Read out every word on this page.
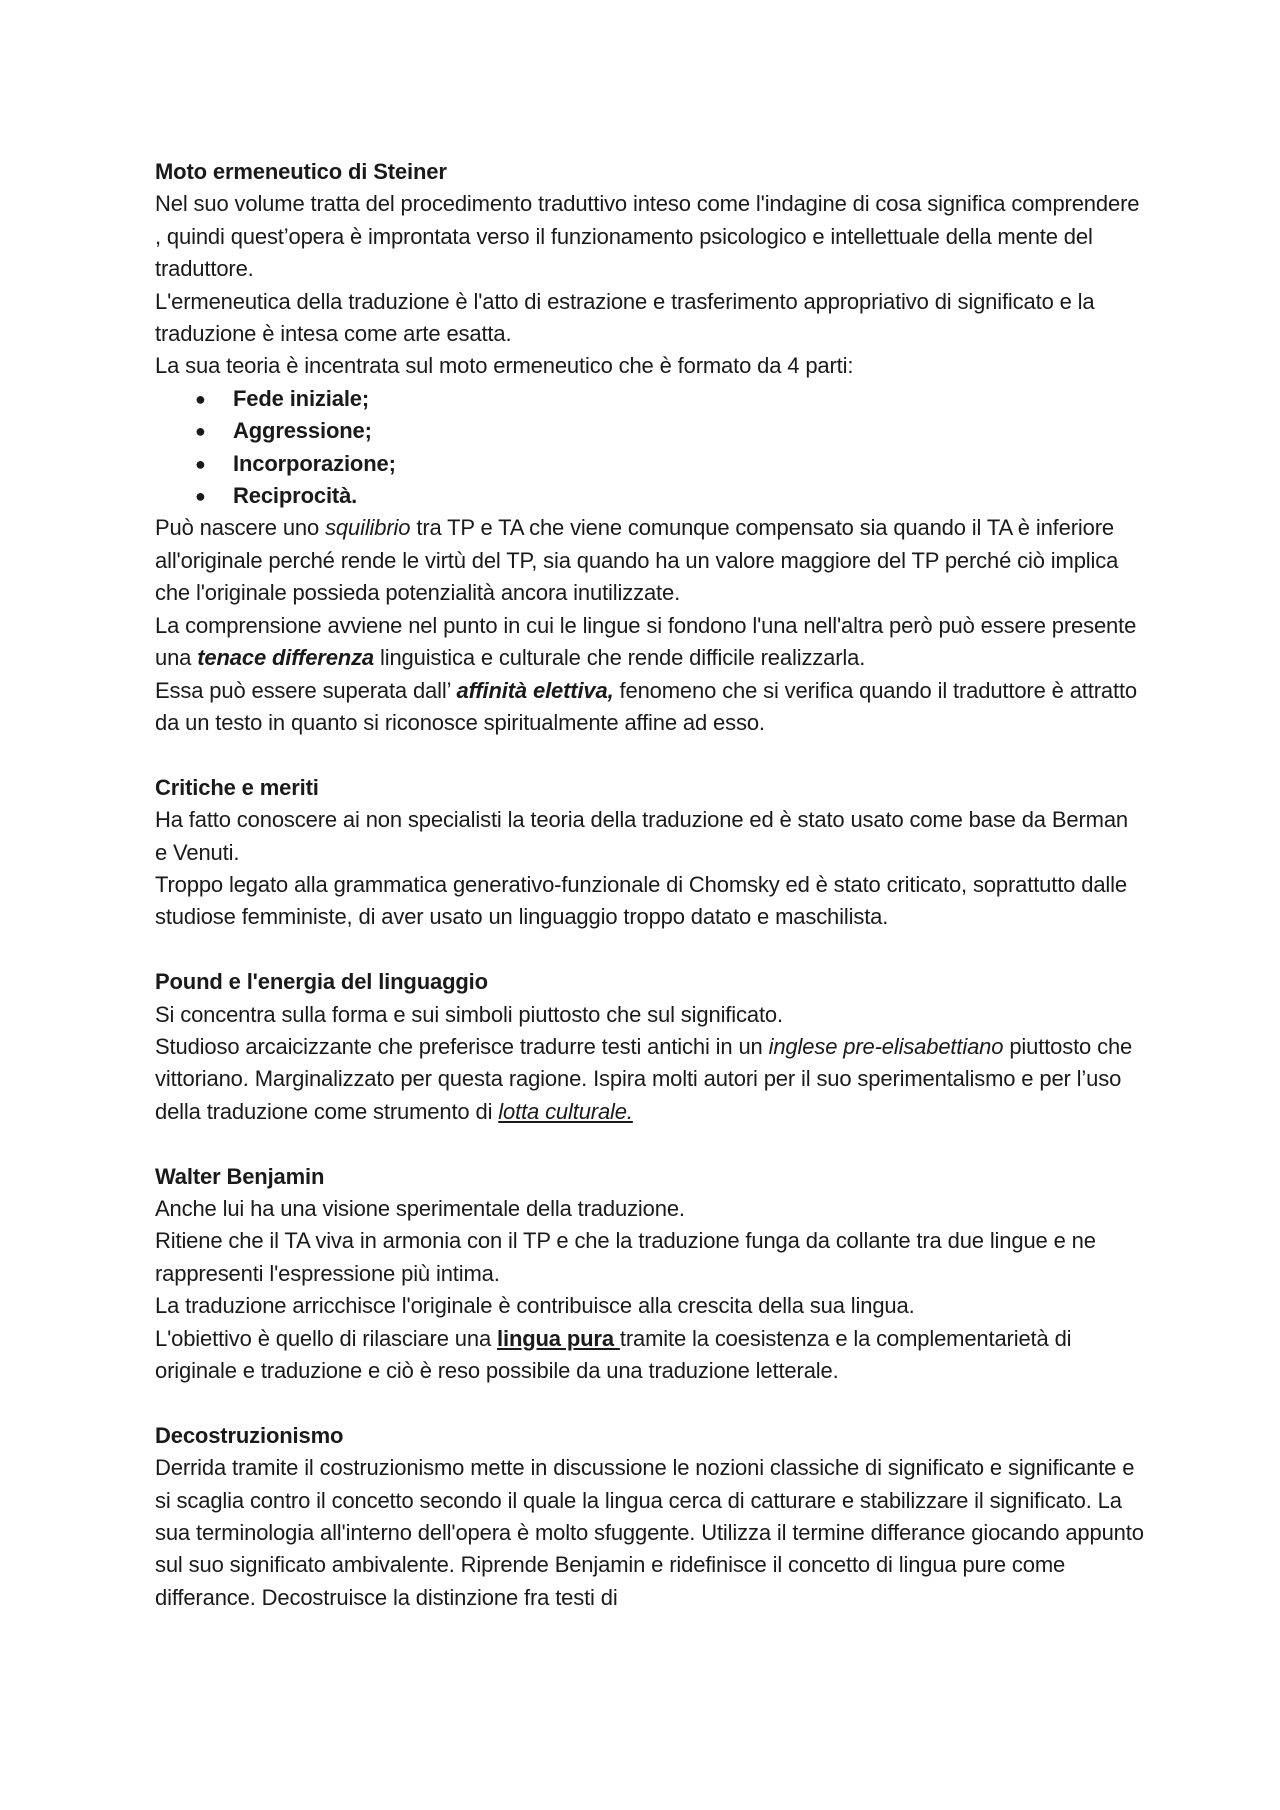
Moto ermeneutico di Steiner

Nel suo volume tratta del procedimento traduttivo inteso come l'indagine di cosa significa comprendere , quindi quest’opera è improntata verso il funzionamento psicologico e intellettuale della mente del traduttore.

L'ermeneutica della traduzione è l'atto di estrazione e trasferimento appropriativo di significato e la traduzione è intesa come arte esatta.

La sua teoria è incentrata sul moto ermeneutico che è formato da 4 parti:

● Fede iniziale;
● Aggressione;
● Incorporazione;
● Reciprocità.

Può nascere uno squilibrio tra TP e TA che viene comunque compensato sia quando il TA è inferiore all'originale perché rende le virtù del TP, sia quando ha un valore maggiore del TP perché ciò implica che l'originale possieda potenzialità ancora inutilizzate.

La comprensione avviene nel punto in cui le lingue si fondono l'una nell'altra però può essere presente una tenace differenza linguistica e culturale che rende difficile realizzarla.

Essa può essere superata dall’ affinità elettiva, fenomeno che si verifica quando il traduttore è attratto da un testo in quanto si riconosce spiritualmente affine ad esso.

Critiche e meriti

Ha fatto conoscere ai non specialisti la teoria della traduzione ed è stato usato come base da Berman e Venuti.

Troppo legato alla grammatica generativo-funzionale di Chomsky ed è stato criticato, soprattutto dalle studiose femministe, di aver usato un linguaggio troppo datato e maschilista.

Pound e l'energia del linguaggio

Si concentra sulla forma e sui simboli piuttosto che sul significato.

Studioso arcaicizzante che preferisce tradurre testi antichi in un inglese pre-elisabettiano piuttosto che vittoriano. Marginalizzato per questa ragione. Ispira molti autori per il suo sperimentalismo e per l’uso della traduzione come strumento di lotta culturale.

Walter Benjamin

Anche lui ha una visione sperimentale della traduzione.

Ritiene che il TA viva in armonia con il TP e che la traduzione funga da collante tra due lingue e ne rappresenti l'espressione più intima.

La traduzione arricchisce l'originale è contribuisce alla crescita della sua lingua.

L'obiettivo è quello di rilasciare una lingua pura tramite la coesistenza e la complementarietà di originale e traduzione e ciò è reso possibile da una traduzione letterale.

Decostruzionismo

Derrida tramite il costruzionismo mette in discussione le nozioni classiche di significato e significante e si scaglia contro il concetto secondo il quale la lingua cerca di catturare e stabilizzare il significato. La sua terminologia all'interno dell'opera è molto sfuggente. Utilizza il termine differance giocando appunto sul suo significato ambivalente. Riprende Benjamin e ridefinisce il concetto di lingua pure come differance. Decostruisce la distinzione fra testi di
